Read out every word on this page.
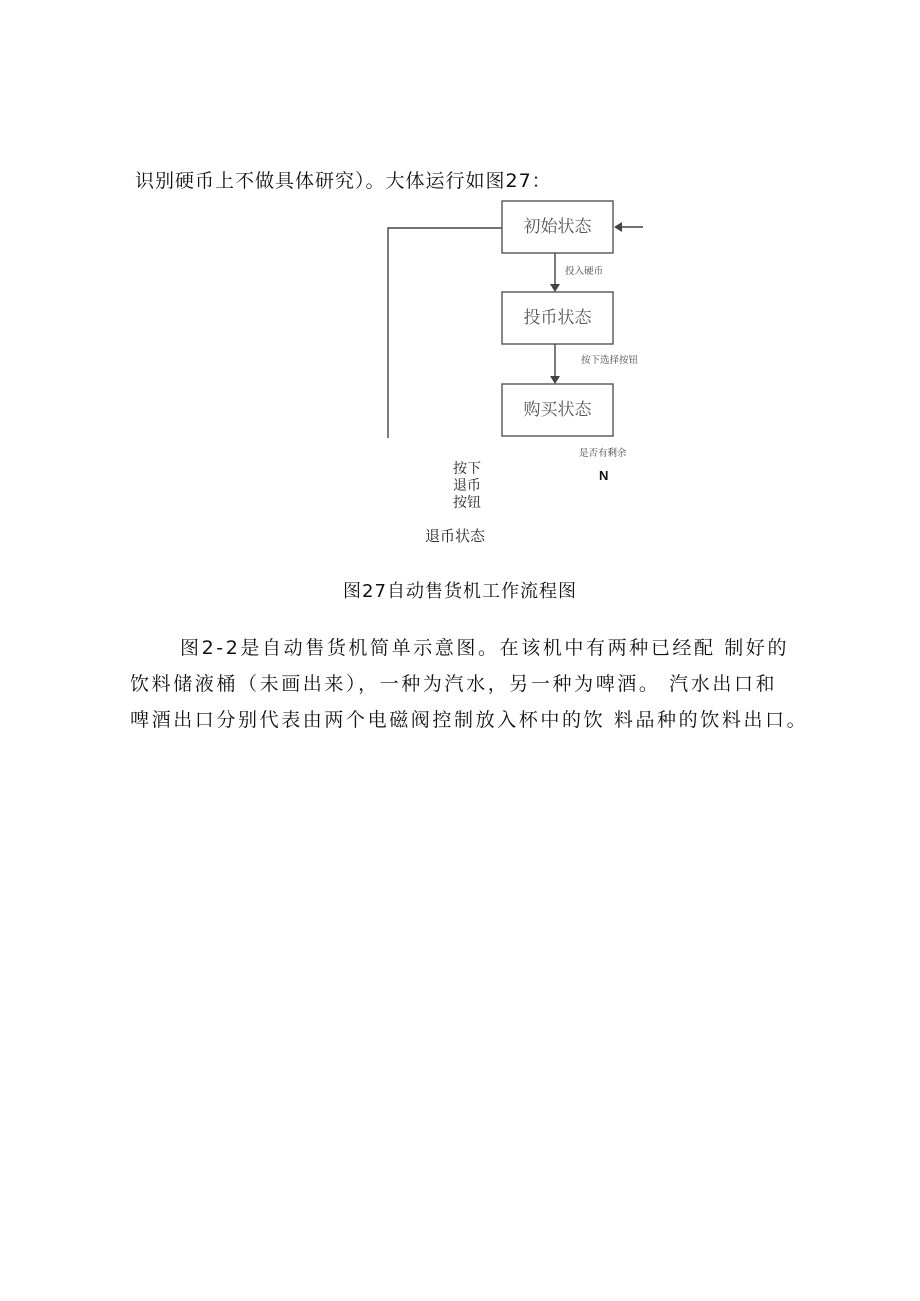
识别硬币上不做具体研究）。大体运行如图27：
初始状态
投入硬币
投币状态
按下选择按钮
购买状态
是否有剩余
按下
退币
按钮
N
退币状态
图27自动售货机工作流程图
图2-2是自动售货机简单示意图。在该机中有两种已经配 制好的
饮料储液桶（未画出来），一种为汽水，另一种为啤酒。 汽水出口和
啤酒出口分别代表由两个电磁阀控制放入杯中的饮 料品种的饮料出口。
